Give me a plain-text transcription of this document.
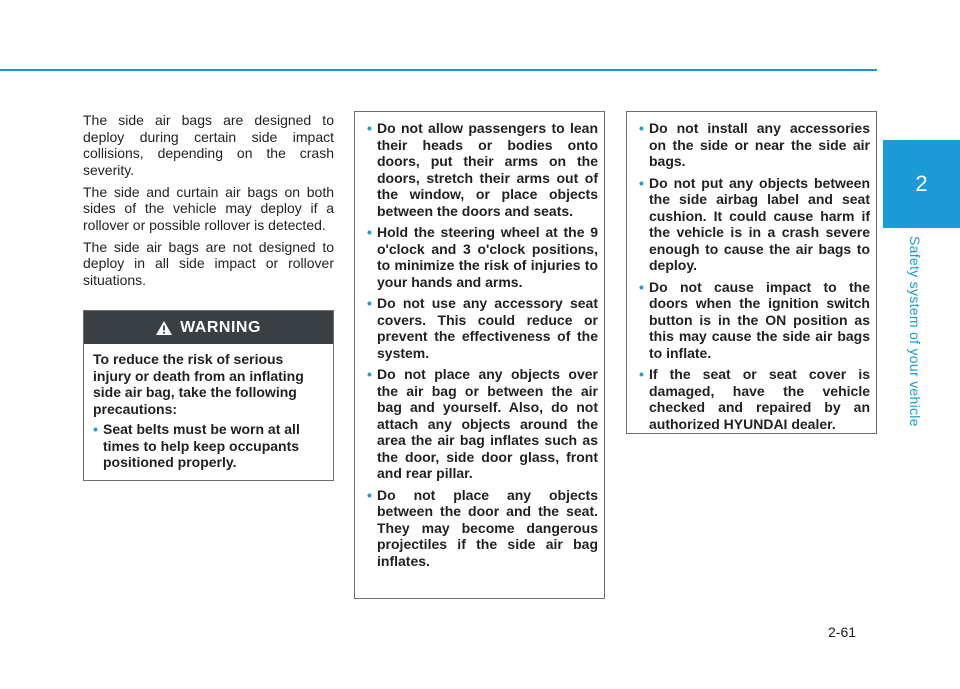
2
Safety system of your vehicle
2-61

The side air bags are designed to deploy during certain side impact collisions, depending on the crash severity.

The side and curtain air bags on both sides of the vehicle may deploy if a rollover or possible rollover is detected.

The side air bags are not designed to deploy in all side impact or rollover situations.

WARNING

To reduce the risk of serious injury or death from an inflating side air bag, take the following precautions:

• Seat belts must be worn at all times to help keep occupants positioned properly.
• Do not allow passengers to lean their heads or bodies onto doors, put their arms on the doors, stretch their arms out of the window, or place objects between the doors and seats.
• Hold the steering wheel at the 9 o'clock and 3 o'clock positions, to minimize the risk of injuries to your hands and arms.
• Do not use any accessory seat covers. This could reduce or prevent the effectiveness of the system.
• Do not place any objects over the air bag or between the air bag and yourself. Also, do not attach any objects around the area the air bag inflates such as the door, side door glass, front and rear pillar.
• Do not place any objects between the door and the seat. They may become dangerous projectiles if the side air bag inflates.
• Do not install any accessories on the side or near the side air bags.
• Do not put any objects between the side airbag label and seat cushion. It could cause harm if the vehicle is in a crash severe enough to cause the air bags to deploy.
• Do not cause impact to the doors when the ignition switch button is in the ON position as this may cause the side air bags to inflate.
• If the seat or seat cover is damaged, have the vehicle checked and repaired by an authorized HYUNDAI dealer.
